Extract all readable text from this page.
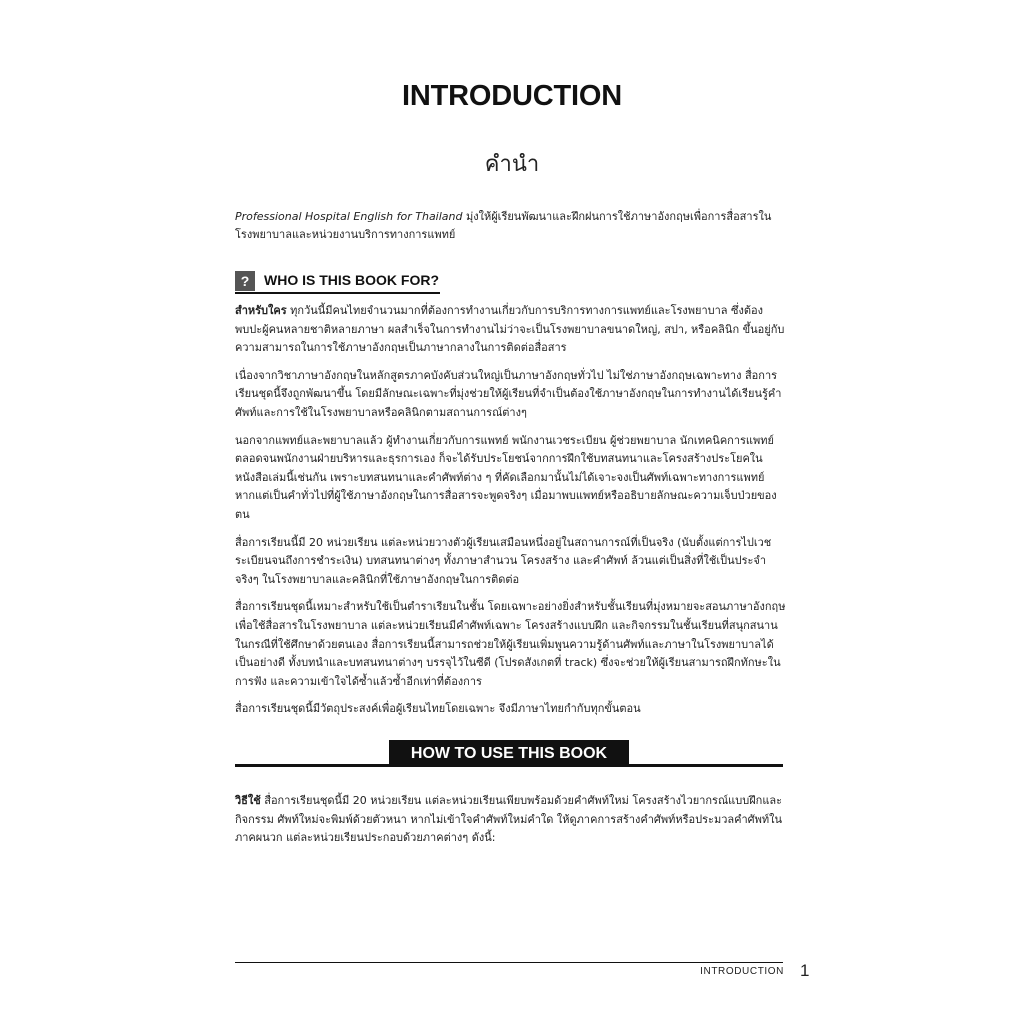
INTRODUCTION
คำนำ
Professional Hospital English for Thailand มุ่งให้ผู้เรียนพัฒนาและฝึกฝนการใช้ภาษาอังกฤษเพื่อการสื่อสารในโรงพยาบาลและหน่วยงานบริการทางการแพทย์
?	WHO IS THIS BOOK FOR?

สำหรับใคร ทุกวันนี้มีคนไทยจำนวนมากที่ต้องการทำงานเกี่ยวกับการบริการทางการแพทย์และโรงพยาบาล ซึ่งต้องพบปะผู้คนหลายชาติหลายภาษา ผลสำเร็จในการทำงานไม่ว่าจะเป็นโรงพยาบาลขนาดใหญ่, สปา, หรือคลินิก ขึ้นอยู่กับความสามารถในการใช้ภาษาอังกฤษเป็นภาษากลางในการติดต่อสื่อสาร

เนื่องจากวิชาภาษาอังกฤษในหลักสูตรภาคบังคับส่วนใหญ่เป็นภาษาอังกฤษทั่วไป ไม่ใช่ภาษาอังกฤษเฉพาะทาง สื่อการเรียนชุดนี้จึงถูกพัฒนาขึ้น โดยมีลักษณะเฉพาะที่มุ่งช่วยให้ผู้เรียนที่จำเป็นต้องใช้ภาษาอังกฤษในการทำงานได้เรียนรู้คำศัพท์และการใช้ในโรงพยาบาลหรือคลินิกตามสถานการณ์ต่างๆ

นอกจากแพทย์และพยาบาลแล้ว ผู้ทำงานเกี่ยวกับการแพทย์ พนักงานเวชระเบียน ผู้ช่วยพยาบาล นักเทคนิคการแพทย์ ตลอดจนพนักงานฝ่ายบริหารและธุรการเอง ก็จะได้รับประโยชน์จากการฝึกใช้บทสนทนาและโครงสร้างประโยคในหนังสือเล่มนี้เช่นกัน เพราะบทสนทนาและคำศัพท์ต่าง ๆ ที่คัดเลือกมานั้นไม่ได้เจาะจงเป็นศัพท์เฉพาะทางการแพทย์ หากแต่เป็นคำทั่วไปที่ผู้ใช้ภาษาอังกฤษในการสื่อสารจะพูดจริงๆ เมื่อมาพบแพทย์หรืออธิบายลักษณะความเจ็บป่วยของตน

สื่อการเรียนนี้มี 20 หน่วยเรียน แต่ละหน่วยวางตัวผู้เรียนเสมือนหนึ่งอยู่ในสถานการณ์ที่เป็นจริง (นับตั้งแต่การไปเวชระเบียนจนถึงการชำระเงิน) บทสนทนาต่างๆ ทั้งภาษาสำนวน โครงสร้าง และคำศัพท์ ล้วนแต่เป็นสิ่งที่ใช้เป็นประจำจริงๆ ในโรงพยาบาลและคลินิกที่ใช้ภาษาอังกฤษในการติดต่อ

สื่อการเรียนชุดนี้เหมาะสำหรับใช้เป็นตำราเรียนในชั้น โดยเฉพาะอย่างยิ่งสำหรับชั้นเรียนที่มุ่งหมายจะสอนภาษาอังกฤษเพื่อใช้สื่อสารในโรงพยาบาล แต่ละหน่วยเรียนมีคำศัพท์เฉพาะ โครงสร้างแบบฝึก และกิจกรรมในชั้นเรียนที่สนุกสนาน ในกรณีที่ใช้ศึกษาด้วยตนเอง สื่อการเรียนนี้สามารถช่วยให้ผู้เรียนเพิ่มพูนความรู้ด้านศัพท์และภาษาในโรงพยาบาลได้เป็นอย่างดี ทั้งบทนำและบทสนทนาต่างๆ บรรจุไว้ในซีดี (โปรดสังเกตที่ track) ซึ่งจะช่วยให้ผู้เรียนสามารถฝึกทักษะในการฟัง และความเข้าใจได้ซ้ำแล้วซ้ำอีกเท่าที่ต้องการ

สื่อการเรียนชุดนี้มีวัตถุประสงค์เพื่อผู้เรียนไทยโดยเฉพาะ จึงมีภาษาไทยกำกับทุกขั้นตอน

HOW TO USE THIS BOOK

วิธีใช้ สื่อการเรียนชุดนี้มี 20 หน่วยเรียน แต่ละหน่วยเรียนเพียบพร้อมด้วยคำศัพท์ใหม่ โครงสร้างไวยากรณ์แบบฝึกและกิจกรรม ศัพท์ใหม่จะพิมพ์ด้วยตัวหนา หากไม่เข้าใจคำศัพท์ใหม่คำใด ให้ดูภาคการสร้างคำศัพท์หรือประมวลคำศัพท์ในภาคผนวก แต่ละหน่วยเรียนประกอบด้วยภาคต่างๆ ดังนี้:

INTRODUCTION 1
